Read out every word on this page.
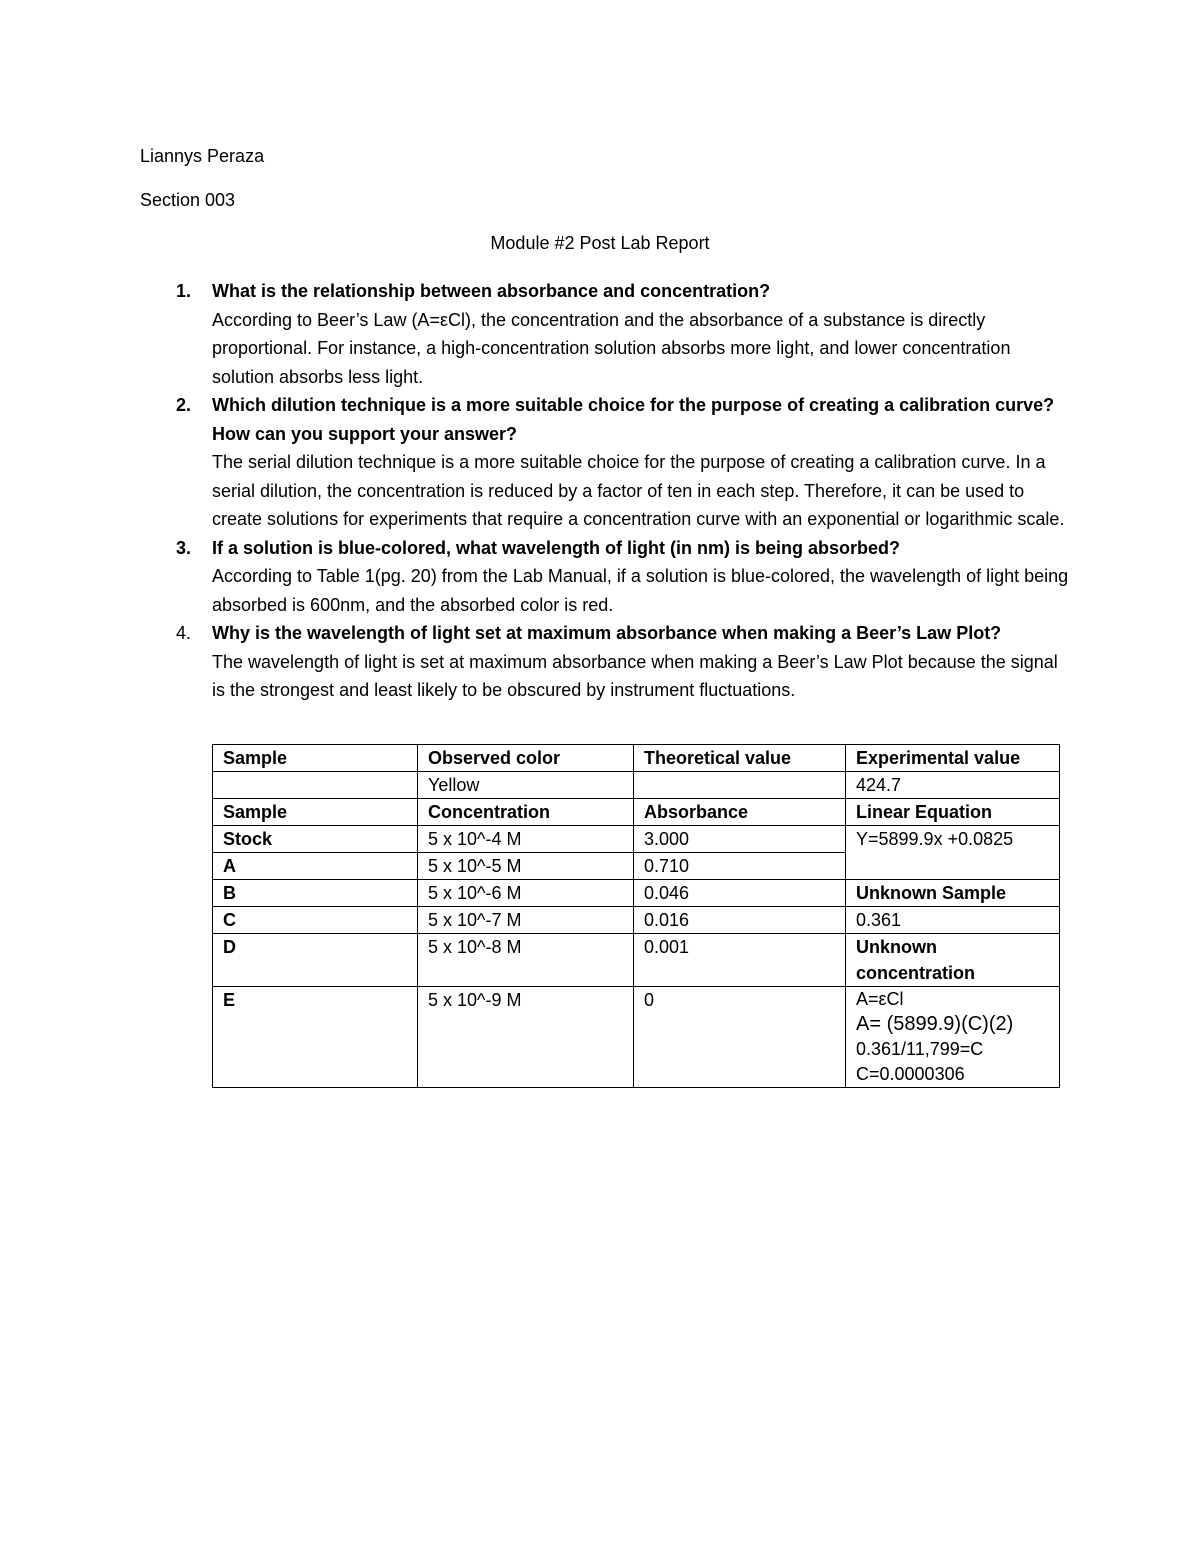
Liannys Peraza
Section 003
Module #2 Post Lab Report
1. What is the relationship between absorbance and concentration?
According to Beer’s Law (A=εCl), the concentration and the absorbance of a substance is directly proportional. For instance, a high-concentration solution absorbs more light, and lower concentration solution absorbs less light.
2. Which dilution technique is a more suitable choice for the purpose of creating a calibration curve? How can you support your answer?
The serial dilution technique is a more suitable choice for the purpose of creating a calibration curve. In a serial dilution, the concentration is reduced by a factor of ten in each step. Therefore, it can be used to create solutions for experiments that require a concentration curve with an exponential or logarithmic scale.
3. If a solution is blue-colored, what wavelength of light (in nm) is being absorbed?
According to Table 1(pg. 20) from the Lab Manual, if a solution is blue-colored, the wavelength of light being absorbed is 600nm, and the absorbed color is red.
4. Why is the wavelength of light set at maximum absorbance when making a Beer’s Law Plot?
The wavelength of light is set at maximum absorbance when making a Beer’s Law Plot because the signal is the strongest and least likely to be obscured by instrument fluctuations.
Sample	Observed color	Theoretical value	Experimental value
	Yellow		424.7
Sample	Concentration	Absorbance	Linear Equation
Stock	5 x 10^-4 M	3.000	Y=5899.9x +0.0825
A	5 x 10^-5 M	0.710	
B	5 x 10^-6 M	0.046	Unknown Sample
C	5 x 10^-7 M	0.016	0.361
D	5 x 10^-8 M	0.001	Unknown concentration
E	5 x 10^-9 M	0	A=εCl
A= (5899.9)(C)(2)
0.361/11,799=C
C=0.0000306
